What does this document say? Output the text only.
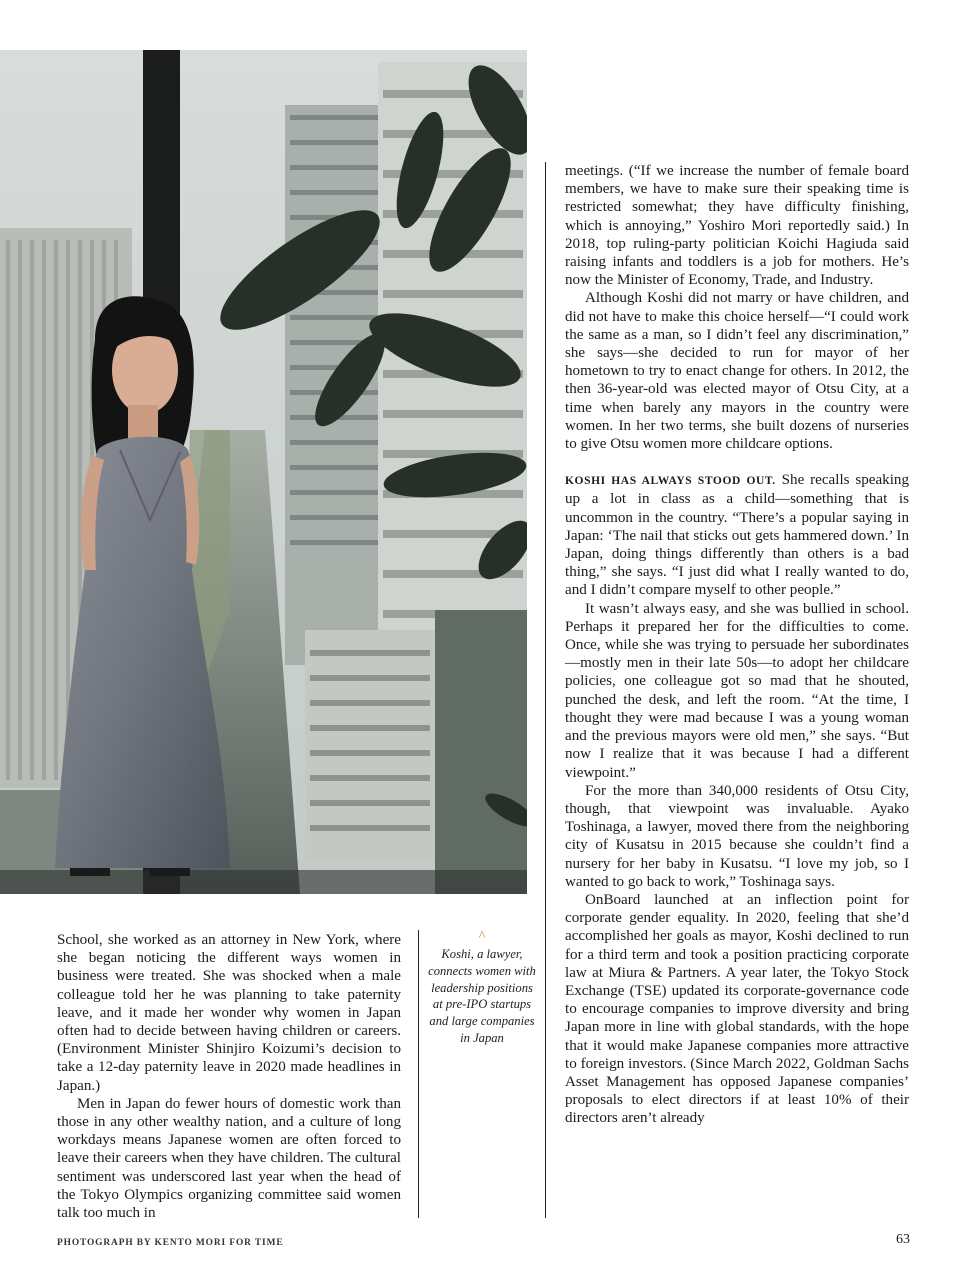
meetings. (“If we increase the number of female board members, we have to make sure their speaking time is restricted somewhat; they have difficulty finishing, which is annoying,” Yoshiro Mori reportedly said.) In 2018, top ruling-party politician Koichi Hagiuda said raising infants and toddlers is a job for mothers. He’s now the Minister of Economy, Trade, and Industry.

Although Koshi did not marry or have children, and did not have to make this choice herself—“I could work the same as a man, so I didn’t feel any discrimination,” she says—she decided to run for mayor of her hometown to try to enact change for others. In 2012, the then 36-year-old was elected mayor of Otsu City, at a time when barely any mayors in the country were women. In her two terms, she built dozens of nurseries to give Otsu women more childcare options.

KOSHI HAS ALWAYS STOOD OUT. She recalls speaking up a lot in class as a child—something that is uncommon in the country. “There’s a popular saying in Japan: ‘The nail that sticks out gets hammered down.’ In Japan, doing things differently than others is a bad thing,” she says. “I just did what I really wanted to do, and I didn’t compare myself to other people.”

It wasn’t always easy, and she was bullied in school. Perhaps it prepared her for the difficulties to come. Once, while she was trying to persuade her subordinates—mostly men in their late 50s—to adopt her childcare policies, one colleague got so mad that he shouted, punched the desk, and left the room. “At the time, I thought they were mad because I was a young woman and the previous mayors were old men,” she says. “But now I realize that it was because I had a different viewpoint.”

For the more than 340,000 residents of Otsu City, though, that viewpoint was invaluable. Ayako Toshinaga, a lawyer, moved there from the neighboring city of Kusatsu in 2015 because she couldn’t find a nursery for her baby in Kusatsu. “I love my job, so I wanted to go back to work,” Toshinaga says.

OnBoard launched at an inflection point for corporate gender equality. In 2020, feeling that she’d accomplished her goals as mayor, Koshi declined to run for a third term and took a position practicing corporate law at Miura & Partners. A year later, the Tokyo Stock Exchange (TSE) updated its corporate-governance code to encourage companies to improve diversity and bring Japan more in line with global standards, with the hope that it would make Japanese companies more attractive to foreign investors. (Since March 2022, Goldman Sachs Asset Management has opposed Japanese companies’ proposals to elect directors if at least 10% of their directors aren’t already

School, she worked as an attorney in New York, where she began noticing the different ways women in business were treated. She was shocked when a male colleague told her he was planning to take paternity leave, and it made her wonder why women in Japan often had to decide between having children or careers. (Environment Minister Shinjiro Koizumi’s decision to take a 12-day paternity leave in 2020 made headlines in Japan.)

Men in Japan do fewer hours of domestic work than those in any other wealthy nation, and a culture of long workdays means Japanese women are often forced to leave their careers when they have children. The cultural sentiment was underscored last year when the head of the Tokyo Olympics organizing committee said women talk too much in

^
Koshi, a lawyer, connects women with leadership positions at pre-IPO startups and large companies in Japan
PHOTOGRAPH BY KENTO MORI FOR TIME	63
